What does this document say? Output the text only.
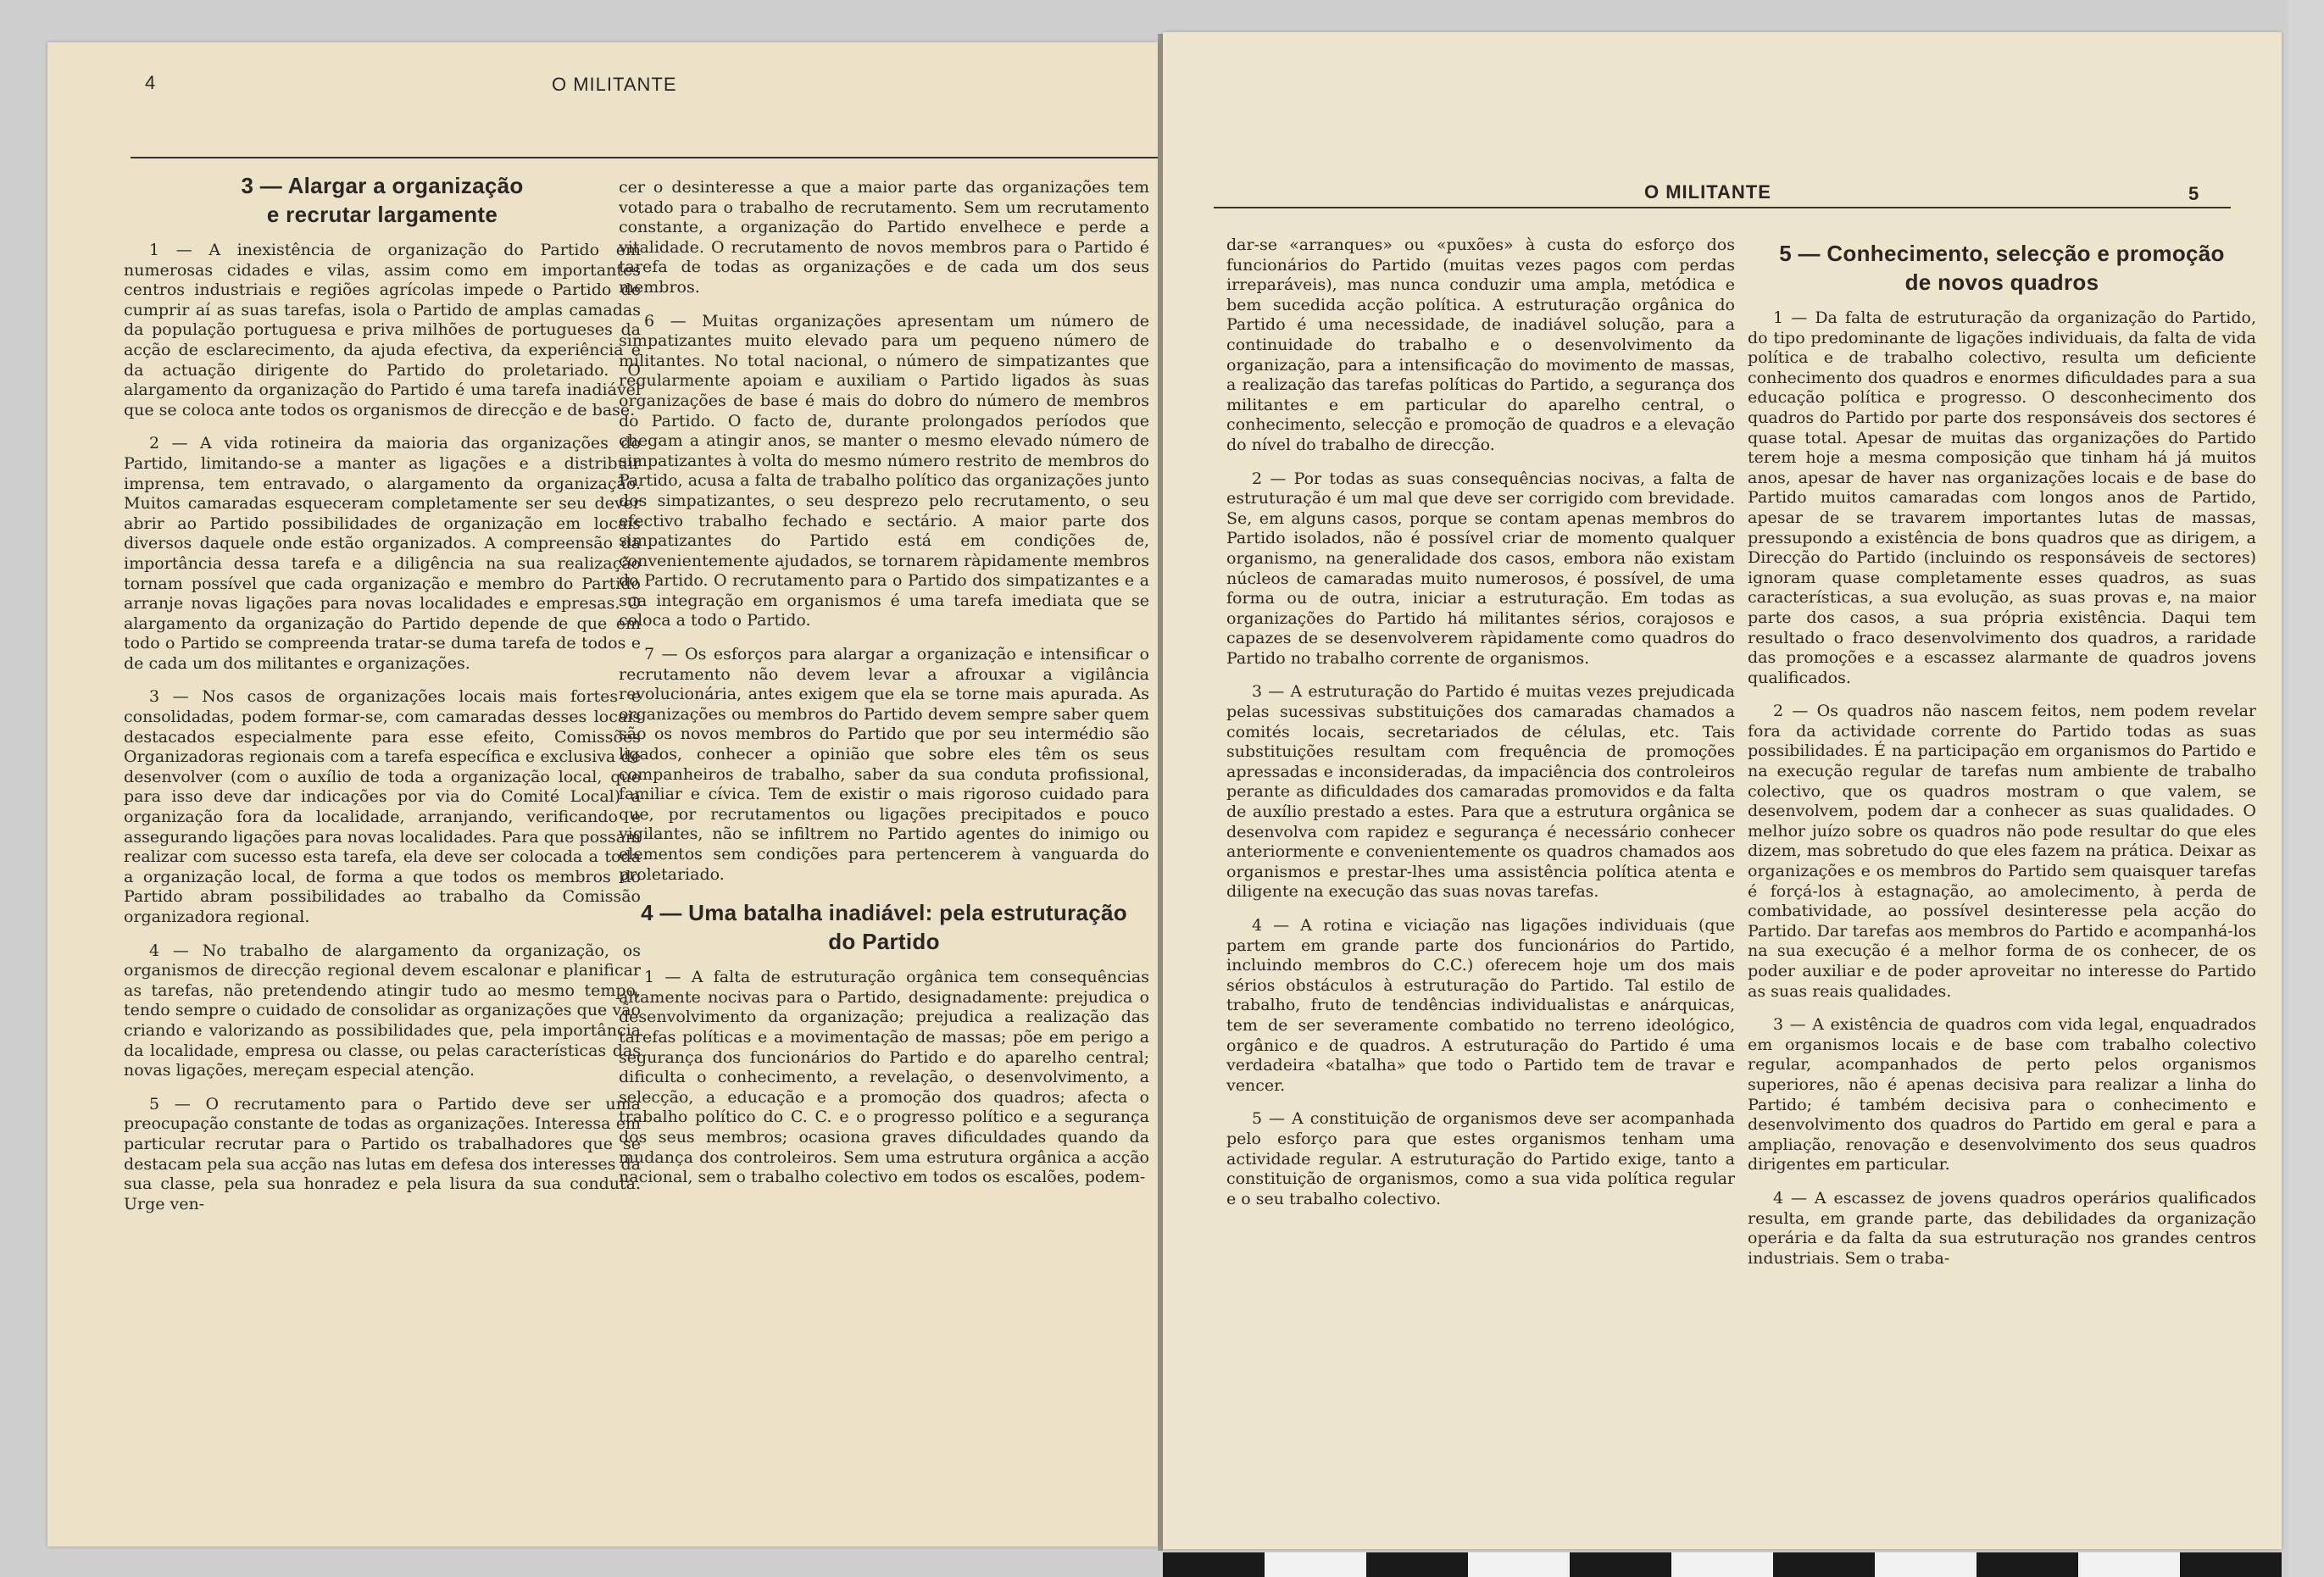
4	O MILITANTE
3 — Alargar a organização
e recrutar largamente

1 — A inexistência de organização do Partido em numerosas cidades e vilas, assim como em importantes centros industriais e regiões agrícolas impede o Partido de cumprir aí as suas tarefas, isola o Partido de amplas camadas da população portuguesa e priva milhões de portugueses da acção de esclarecimento, da ajuda efectiva, da experiência e da actuação dirigente do Partido do proletariado. O alargamento da organização do Partido é uma tarefa inadiável que se coloca ante todos os organismos de direcção e de base.

2 — A vida rotineira da maioria das organizações do Partido, limitando-se a manter as ligações e a distribuir imprensa, tem entravado, o alargamento da organização. Muitos camaradas esqueceram completamente ser seu dever abrir ao Partido possibilidades de organização em locais diversos daquele onde estão organizados. A compreensão da importância dessa tarefa e a diligência na sua realização tornam possível que cada organização e membro do Partido arranje novas ligações para novas localidades e empresas. O alargamento da organização do Partido depende de que em todo o Partido se compreenda tratar-se duma tarefa de todos e de cada um dos militantes e organizações.

3 — Nos casos de organizações locais mais fortes e consolidadas, podem formar-se, com camaradas desses locais destacados especialmente para esse efeito, Comissões Organizadoras regionais com a tarefa específica e exclusiva de desenvolver (com o auxílio de toda a organização local, que para isso deve dar indicações por via do Comité Local) a organização fora da localidade, arranjando, verificando e assegurando ligações para novas localidades. Para que possam realizar com sucesso esta tarefa, ela deve ser colocada a toda a organização local, de forma a que todos os membros do Partido abram possibilidades ao trabalho da Comissão organizadora regional.

4 — No trabalho de alargamento da organização, os organismos de direcção regional devem escalonar e planificar as tarefas, não pretendendo atingir tudo ao mesmo tempo, tendo sempre o cuidado de consolidar as organizações que vão criando e valorizando as possibilidades que, pela importância da localidade, empresa ou classe, ou pelas características das novas ligações, mereçam especial atenção.

5 — O recrutamento para o Partido deve ser uma preocupação constante de todas as organizações. Interessa em particular recrutar para o Partido os trabalhadores que se destacam pela sua acção nas lutas em defesa dos interesses da sua classe, pela sua honradez e pela lisura da sua conduta. Urge ven-

cer o desinteresse a que a maior parte das organizações tem votado para o trabalho de recrutamento. Sem um recrutamento constante, a organização do Partido envelhece e perde a vitalidade. O recrutamento de novos membros para o Partido é tarefa de todas as organizações e de cada um dos seus membros.

6 — Muitas organizações apresentam um número de simpatizantes muito elevado para um pequeno número de militantes. No total nacional, o número de simpatizantes que regularmente apoiam e auxiliam o Partido ligados às suas organizações de base é mais do dobro do número de membros do Partido. O facto de, durante prolongados períodos que chegam a atingir anos, se manter o mesmo elevado número de simpatizantes à volta do mesmo número restrito de membros do Partido, acusa a falta de trabalho político das organizações junto dos simpatizantes, o seu desprezo pelo recrutamento, o seu efectivo trabalho fechado e sectário. A maior parte dos simpatizantes do Partido está em condições de, convenientemente ajudados, se tornarem ràpidamente membros do Partido. O recrutamento para o Partido dos simpatizantes e a sua integração em organismos é uma tarefa imediata que se coloca a todo o Partido.

7 — Os esforços para alargar a organização e intensificar o recrutamento não devem levar a afrouxar a vigilância revolucionária, antes exigem que ela se torne mais apurada. As organizações ou membros do Partido devem sempre saber quem são os novos membros do Partido que por seu intermédio são ligados, conhecer a opinião que sobre eles têm os seus companheiros de trabalho, saber da sua conduta profissional, familiar e cívica. Tem de existir o mais rigoroso cuidado para que, por recrutamentos ou ligações precipitados e pouco vigilantes, não se infiltrem no Partido agentes do inimigo ou elementos sem condições para pertencerem à vanguarda do proletariado.

4 — Uma batalha inadiável: pela estruturação
do Partido

1 — A falta de estruturação orgânica tem consequências altamente nocivas para o Partido, designadamente: prejudica o desenvolvimento da organização; prejudica a realização das tarefas políticas e a movimentação de massas; põe em perigo a segurança dos funcionários do Partido e do aparelho central; dificulta o conhecimento, a revelação, o desenvolvimento, a selecção, a educação e a promoção dos quadros; afecta o trabalho político do C. C. e o progresso político e a segurança dos seus membros; ocasiona graves dificuldades quando da mudança dos controleiros. Sem uma estrutura orgânica a acção nacional, sem o trabalho colectivo em todos os escalões, podem-

O MILITANTE	5

dar-se «arranques» ou «puxões» à custa do esforço dos funcionários do Partido (muitas vezes pagos com perdas irreparáveis), mas nunca conduzir uma ampla, metódica e bem sucedida acção política. A estruturação orgânica do Partido é uma necessidade, de inadiável solução, para a continuidade do trabalho e o desenvolvimento da organização, para a intensificação do movimento de massas, a realização das tarefas políticas do Partido, a segurança dos militantes e em particular do aparelho central, o conhecimento, selecção e promoção de quadros e a elevação do nível do trabalho de direcção.

2 — Por todas as suas consequências nocivas, a falta de estruturação é um mal que deve ser corrigido com brevidade. Se, em alguns casos, porque se contam apenas membros do Partido isolados, não é possível criar de momento qualquer organismo, na generalidade dos casos, embora não existam núcleos de camaradas muito numerosos, é possível, de uma forma ou de outra, iniciar a estruturação. Em todas as organizações do Partido há militantes sérios, corajosos e capazes de se desenvolverem ràpidamente como quadros do Partido no trabalho corrente de organismos.

3 — A estruturação do Partido é muitas vezes prejudicada pelas sucessivas substituições dos camaradas chamados a comités locais, secretariados de células, etc. Tais substituições resultam com frequência de promoções apressadas e inconsideradas, da impaciência dos controleiros perante as dificuldades dos camaradas promovidos e da falta de auxílio prestado a estes. Para que a estrutura orgânica se desenvolva com rapidez e segurança é necessário conhecer anteriormente e convenientemente os quadros chamados aos organismos e prestar-lhes uma assistência política atenta e diligente na execução das suas novas tarefas.

4 — A rotina e viciação nas ligações individuais (que partem em grande parte dos funcionários do Partido, incluindo membros do C.C.) oferecem hoje um dos mais sérios obstáculos à estruturação do Partido. Tal estilo de trabalho, fruto de tendências individualistas e anárquicas, tem de ser severamente combatido no terreno ideológico, orgânico e de quadros. A estruturação do Partido é uma verdadeira «batalha» que todo o Partido tem de travar e vencer.

5 — A constituição de organismos deve ser acompanhada pelo esforço para que estes organismos tenham uma actividade regular. A estruturação do Partido exige, tanto a constituição de organismos, como a sua vida política regular e o seu trabalho colectivo.

5 — Conhecimento, selecção e promoção
de novos quadros

1 — Da falta de estruturação da organização do Partido, do tipo predominante de ligações individuais, da falta de vida política e de trabalho colectivo, resulta um deficiente conhecimento dos quadros e enormes dificuldades para a sua educação política e progresso. O desconhecimento dos quadros do Partido por parte dos responsáveis dos sectores é quase total. Apesar de muitas das organizações do Partido terem hoje a mesma composição que tinham há já muitos anos, apesar de haver nas organizações locais e de base do Partido muitos camaradas com longos anos de Partido, apesar de se travarem importantes lutas de massas, pressupondo a existência de bons quadros que as dirigem, a Direcção do Partido (incluindo os responsáveis de sectores) ignoram quase completamente esses quadros, as suas características, a sua evolução, as suas provas e, na maior parte dos casos, a sua própria existência. Daqui tem resultado o fraco desenvolvimento dos quadros, a raridade das promoções e a escassez alarmante de quadros jovens qualificados.

2 — Os quadros não nascem feitos, nem podem revelar fora da actividade corrente do Partido todas as suas possibilidades. É na participação em organismos do Partido e na execução regular de tarefas num ambiente de trabalho colectivo, que os quadros mostram o que valem, se desenvolvem, podem dar a conhecer as suas qualidades. O melhor juízo sobre os quadros não pode resultar do que eles dizem, mas sobretudo do que eles fazem na prática. Deixar as organizações e os membros do Partido sem quaisquer tarefas é forçá-los à estagnação, ao amolecimento, à perda de combatividade, ao possível desinteresse pela acção do Partido. Dar tarefas aos membros do Partido e acompanhá-los na sua execução é a melhor forma de os conhecer, de os poder auxiliar e de poder aproveitar no interesse do Partido as suas reais qualidades.

3 — A existência de quadros com vida legal, enquadrados em organismos locais e de base com trabalho colectivo regular, acompanhados de perto pelos organismos superiores, não é apenas decisiva para realizar a linha do Partido; é também decisiva para o conhecimento e desenvolvimento dos quadros do Partido em geral e para a ampliação, renovação e desenvolvimento dos seus quadros dirigentes em particular.

4 — A escassez de jovens quadros operários qualificados resulta, em grande parte, das debilidades da organização operária e da falta da sua estruturação nos grandes centros industriais. Sem o traba-
